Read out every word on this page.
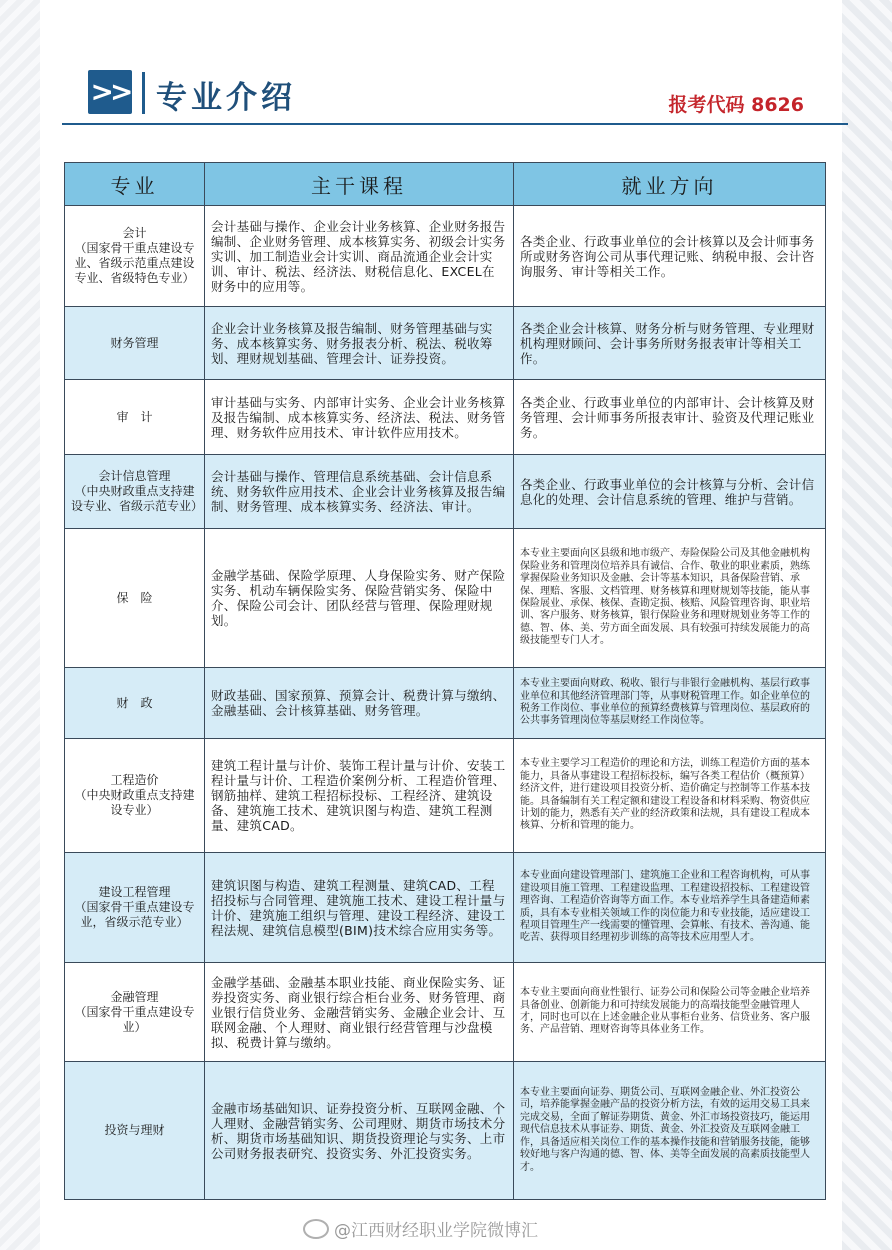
>> 专业介绍	报考代码 8626
专业	主干课程	就业方向

会计
（国家骨干重点建设专业、省级示范重点建设专业、省级特色专业）	会计基础与操作、企业会计业务核算、企业财务报告编制、企业财务管理、成本核算实务、初级会计实务实训、加工制造业会计实训、商品流通企业会计实训、审计、税法、经济法、财税信息化、EXCEL在财务中的应用等。	各类企业、行政事业单位的会计核算以及会计师事务所或财务咨询公司从事代理记账、纳税申报、会计咨询服务、审计等相关工作。

财务管理	企业会计业务核算及报告编制、财务管理基础与实务、成本核算实务、财务报表分析、税法、税收筹划、理财规划基础、管理会计、证券投资。	各类企业会计核算、财务分析与财务管理、专业理财机构理财顾问、会计事务所财务报表审计等相关工作。

审　计	审计基础与实务、内部审计实务、企业会计业务核算及报告编制、成本核算实务、经济法、税法、财务管理、财务软件应用技术、审计软件应用技术。	各类企业、行政事业单位的内部审计、会计核算及财务管理、会计师事务所报表审计、验资及代理记账业务。

会计信息管理
（中央财政重点支持建设专业、省级示范专业）	会计基础与操作、管理信息系统基础、会计信息系统、财务软件应用技术、企业会计业务核算及报告编制、财务管理、成本核算实务、经济法、审计。	各类企业、行政事业单位的会计核算与分析、会计信息化的处理、会计信息系统的管理、维护与营销。

保　险	金融学基础、保险学原理、人身保险实务、财产保险实务、机动车辆保险实务、保险营销实务、保险中介、保险公司会计、团队经营与管理、保险理财规划。	本专业主要面向区县级和地市级产、寿险保险公司及其他金融机构保险业务和管理岗位培养具有诚信、合作、敬业的职业素质，熟练掌握保险业务知识及金融、会计等基本知识，具备保险营销、承保、理赔、客服、文档管理、财务核算和理财规划等技能，能从事保险展业、承保、核保、查勘定损、核赔、风险管理咨询、职业培训、客户服务、财务核算，银行保险业务和理财规划业务等工作的德、智、体、美、劳方面全面发展、具有较强可持续发展能力的高级技能型专门人才。

财　政	财政基础、国家预算、预算会计、税费计算与缴纳、金融基础、会计核算基础、财务管理。	本专业主要面向财政、税收、银行与非银行金融机构、基层行政事业单位和其他经济管理部门等，从事财税管理工作。如企业单位的税务工作岗位、事业单位的预算经费核算与管理岗位、基层政府的公共事务管理岗位等基层财经工作岗位等。

工程造价
（中央财政重点支持建设专业）	建筑工程计量与计价、装饰工程计量与计价、安装工程计量与计价、工程造价案例分析、工程造价管理、钢筋抽样、建筑工程招标投标、工程经济、建筑设备、建筑施工技术、建筑识图与构造、建筑工程测量、建筑CAD。	本专业主要学习工程造价的理论和方法，训练工程造价方面的基本能力，具备从事建设工程招标投标，编写各类工程估价（概预算）经济文件，进行建设项目投资分析、造价确定与控制等工作基本技能。具备编制有关工程定额和建设工程设备和材料采购、物资供应计划的能力，熟悉有关产业的经济政策和法规，具有建设工程成本核算、分析和管理的能力。

建设工程管理
（国家骨干重点建设专业，省级示范专业）	建筑识图与构造、建筑工程测量、建筑CAD、工程招投标与合同管理、建筑施工技术、建设工程计量与计价、建筑施工组织与管理、建设工程经济、建设工程法规、建筑信息模型(BIM)技术综合应用实务等。	本专业面向建设管理部门、建筑施工企业和工程咨询机构，可从事建设项目施工管理、工程建设监理、工程建设招投标、工程建设管理咨询、工程造价咨询等方面工作。本专业培养学生具备建造师素质，具有本专业相关领域工作的岗位能力和专业技能，适应建设工程项目管理生产一线需要的懂管理、会算帐、有技术、善沟通、能吃苦、获得项目经理初步训练的高等技术应用型人才。

金融管理
（国家骨干重点建设专业）	金融学基础、金融基本职业技能、商业保险实务、证券投资实务、商业银行综合柜台业务、财务管理、商业银行信贷业务、金融营销实务、金融企业会计、互联网金融、个人理财、商业银行经营管理与沙盘模拟、税费计算与缴纳。	本专业主要面向商业性银行、证券公司和保险公司等金融企业培养具备创业、创新能力和可持续发展能力的高端技能型金融管理人才，同时也可以在上述金融企业从事柜台业务、信贷业务、客户服务、产品营销、理财咨询等具体业务工作。

投资与理财	金融市场基础知识、证券投资分析、互联网金融、个人理财、金融营销实务、公司理财、期货市场技术分析、期货市场基础知识、期货投资理论与实务、上市公司财务报表研究、投资实务、外汇投资实务。	本专业主要面向证券、期货公司、互联网金融企业、外汇投资公司，培养能掌握金融产品的投资分析方法，有效的运用交易工具来完成交易，全面了解证券期货、黄金、外汇市场投资技巧，能运用现代信息技术从事证券、期货、黄金、外汇投资及互联网金融工作，具备适应相关岗位工作的基本操作技能和营销服务技能，能够较好地与客户沟通的德、智、体、美等全面发展的高素质技能型人才。
@江西财经职业学院微博汇
